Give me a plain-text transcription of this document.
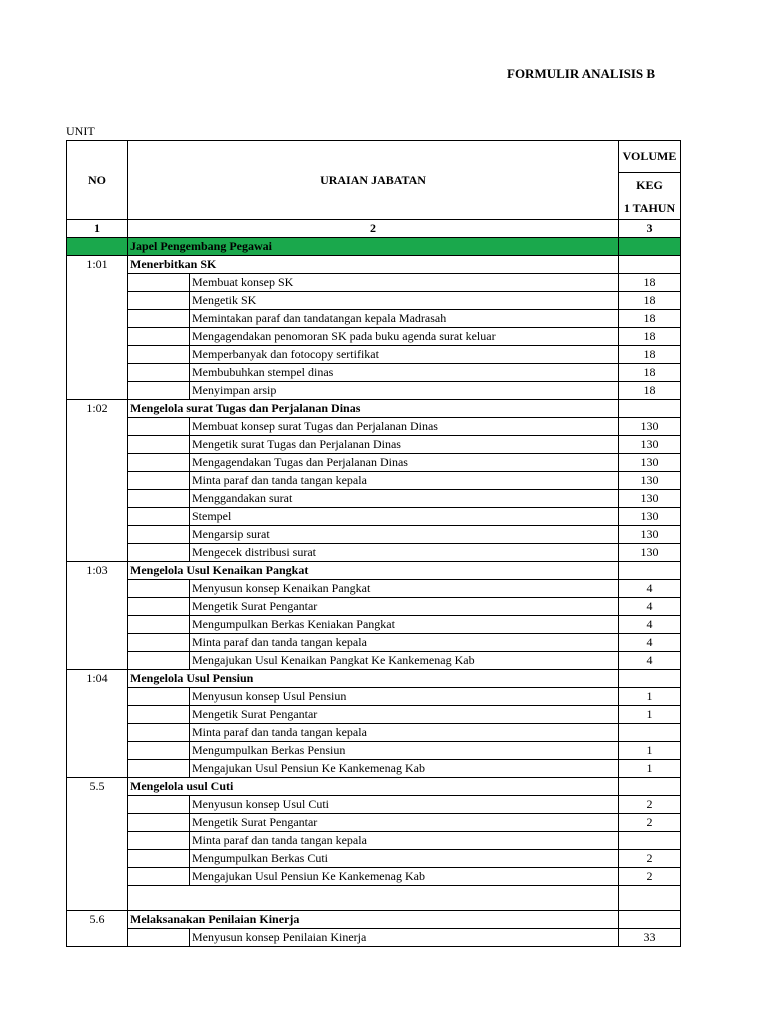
FORMULIR ANALISIS B
UNIT
NO	URAIAN JABATAN		VOLUME
			KEG
			1 TAHUN
1	2		3
	Japel Pengembang Pegawai		
1:01	Menerbitkan SK		
		Membuat konsep SK	18
		Mengetik SK	18
		Memintakan paraf dan tandatangan kepala Madrasah	18
		Mengagendakan penomoran SK pada buku agenda surat keluar	18
		Memperbanyak dan fotocopy sertifikat	18
		Membubuhkan stempel dinas	18
		Menyimpan arsip	18
1:02	Mengelola surat Tugas dan Perjalanan Dinas		
		Membuat konsep surat Tugas dan Perjalanan Dinas	130
		Mengetik surat Tugas dan Perjalanan Dinas	130
		Mengagendakan Tugas dan Perjalanan Dinas	130
		Minta paraf dan tanda tangan kepala	130
		Menggandakan surat	130
		Stempel	130
		Mengarsip surat	130
		Mengecek distribusi surat	130
1:03	Mengelola Usul Kenaikan Pangkat		
		Menyusun konsep Kenaikan Pangkat	4
		Mengetik Surat Pengantar	4
		Mengumpulkan Berkas Keniakan Pangkat	4
		Minta paraf dan tanda tangan kepala	4
		Mengajukan Usul Kenaikan Pangkat Ke Kankemenag Kab	4
1:04	Mengelola Usul Pensiun		
		Menyusun konsep Usul Pensiun	1
		Mengetik Surat Pengantar	1
		Minta paraf dan tanda tangan kepala	
		Mengumpulkan Berkas Pensiun	1
		Mengajukan Usul Pensiun Ke Kankemenag Kab	1
5.5	Mengelola usul Cuti		
		Menyusun konsep Usul Cuti	2
		Mengetik Surat Pengantar	2
		Minta paraf dan tanda tangan kepala	
		Mengumpulkan Berkas Cuti	2
		Mengajukan Usul Pensiun Ke Kankemenag Kab	2

5.6	Melaksanakan Penilaian Kinerja		
		Menyusun konsep Penilaian Kinerja	33
